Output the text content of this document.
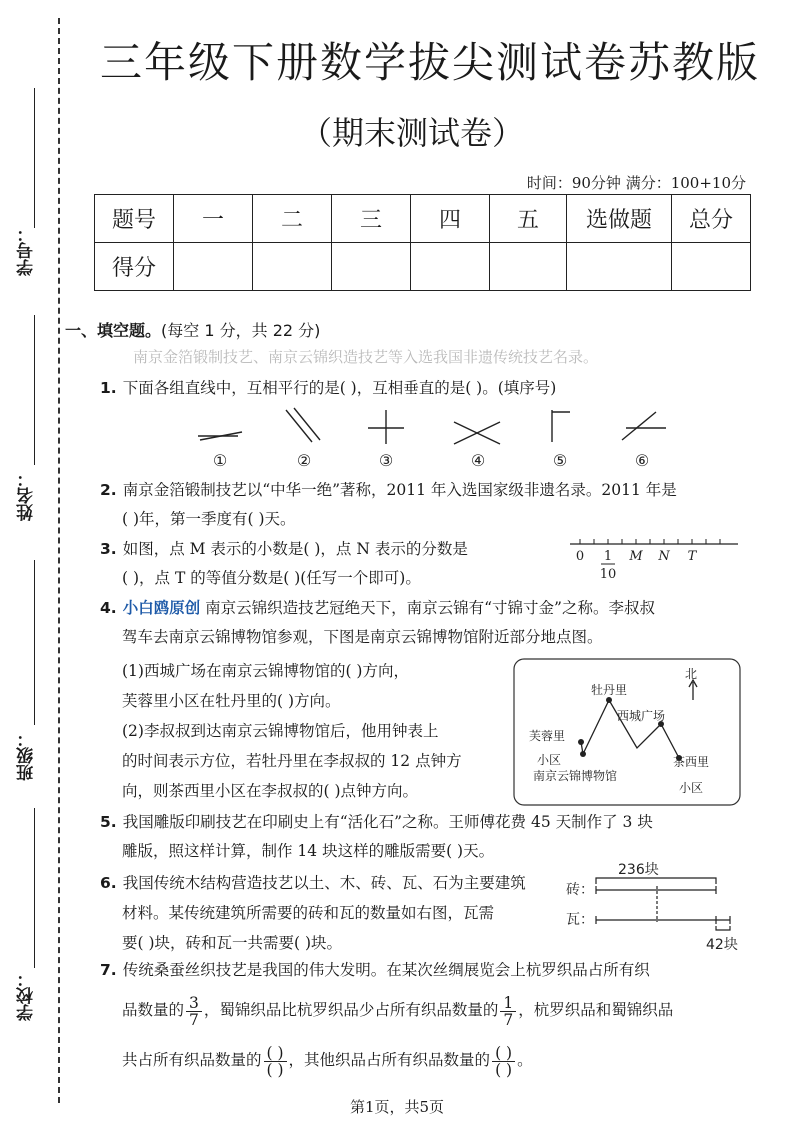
学号：
姓名：
班级：
学校：
三年级下册数学拔尖测试卷苏教版
（期末测试卷）
时间：90分钟 满分：100+10分
题号	一	二	三	四	五	选做题	总分
得分							
一、填空题。(每空 1 分，共 22 分)
南京金箔锻制技艺、南京云锦织造技艺等入选我国非遗传统技艺名录。
1. 下面各组直线中，互相平行的是( )，互相垂直的是( )。(填序号)
①	②	③	④	⑤	⑥
2. 南京金箔锻制技艺以“中华一绝”著称，2011 年入选国家级非遗名录。2011 年是
( )年，第一季度有( )天。
3. 如图，点 M 表示的小数是( )，点 N 表示的分数是
( )，点 T 的等值分数是( )(任写一个即可)。
0 1
10
M N T
4. 小白鸥原创 南京云锦织造技艺冠绝天下，南京云锦有“寸锦寸金”之称。李叔叔
驾车去南京云锦博物馆参观，下图是南京云锦博物馆附近部分地点图。
(1)西城广场在南京云锦博物馆的( )方向，
芙蓉里小区在牡丹里的( )方向。
(2)李叔叔到达南京云锦博物馆后，他用钟表上
的时间表示方位，若牡丹里在李叔叔的 12 点钟方
向，则茶西里小区在李叔叔的( )点钟方向。
北
牡丹里
西城广场
芙蓉里
小区
南京云锦博物馆
茶西里
小区
5. 我国雕版印刷技艺在印刷史上有“活化石”之称。王师傅花费 45 天制作了 3 块
雕版，照这样计算，制作 14 块这样的雕版需要( )天。
6. 我国传统木结构营造技艺以土、木、砖、瓦、石为主要建筑
材料。某传统建筑所需要的砖和瓦的数量如右图，瓦需
要( )块，砖和瓦一共需要( )块。
236块
砖：
瓦：
42块
7. 传统桑蚕丝织技艺是我国的伟大发明。在某次丝绸展览会上杭罗织品占所有织
品数量的 $\frac{3}{7}$ ，蜀锦织品比杭罗织品少占所有织品数量的 $\frac{1}{7}$ ，杭罗织品和蜀锦织品
共占所有织品数量的 $\frac{( )}{( )}$ ，其他织品占所有织品数量的 $\frac{( )}{( )}$ 。
第1页，共5页
